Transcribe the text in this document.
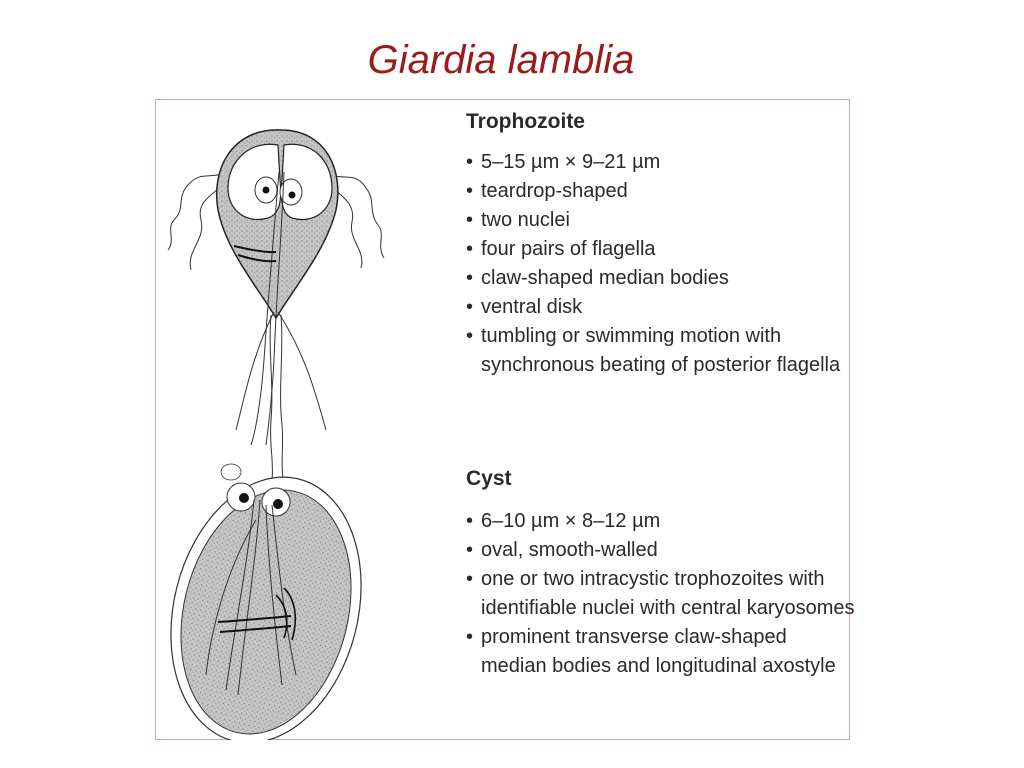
Giardia lamblia
Trophozoite
• 5–15 µm × 9–21 µm
• teardrop-shaped
• two nuclei
• four pairs of flagella
• claw-shaped median bodies
• ventral disk
• tumbling or swimming motion with synchronous beating of posterior flagella
Cyst
• 6–10 µm × 8–12 µm
• oval, smooth-walled
• one or two intracystic trophozoites with identifiable nuclei with central karyosomes
• prominent transverse claw-shaped median bodies and longitudinal axostyle
